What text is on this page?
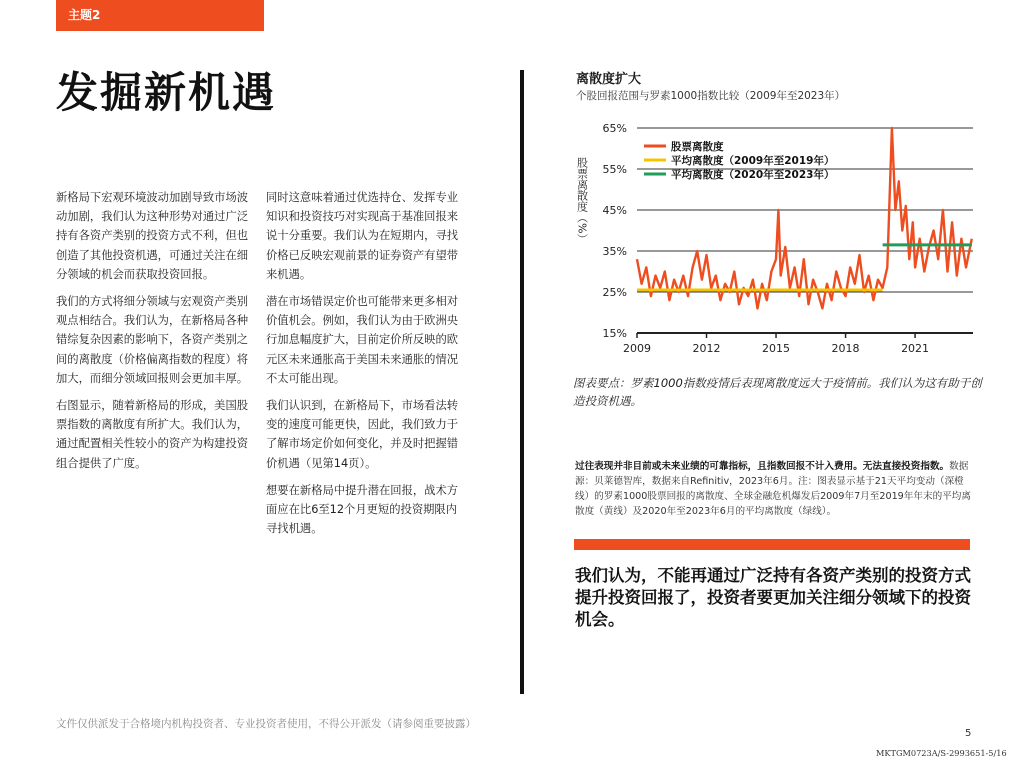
主题2
发掘新机遇

新格局下宏观环境波动加剧导致市场波动加剧，我们认为这种形势对通过广泛持有各资产类别的投资方式不利，但也创造了其他投资机遇，可通过关注在细分领域的机会而获取投资回报。

我们的方式将细分领域与宏观资产类别观点相结合。我们认为，在新格局各种错综复杂因素的影响下，各资产类别之间的离散度（价格偏离指数的程度）将加大，而细分领域回报则会更加丰厚。

右图显示，随着新格局的形成，美国股票指数的离散度有所扩大。我们认为，通过配置相关性较小的资产为构建投资组合提供了广度。

同时这意味着通过优选持仓、发挥专业知识和投资技巧对实现高于基准回报来说十分重要。我们认为在短期内，寻找价格已反映宏观前景的证券资产有望带来机遇。

潜在市场错误定价也可能带来更多相对价值机会。例如，我们认为由于欧洲央行加息幅度扩大，目前定价所反映的欧元区未来通胀高于美国未来通胀的情况不太可能出现。

我们认识到，在新格局下，市场看法转变的速度可能更快，因此，我们致力于了解市场定价如何变化，并及时把握错价机遇（见第14页）。

想要在新格局中提升潜在回报，战术方面应在比6至12个月更短的投资期限内寻找机遇。

离散度扩大
个股回报范围与罗素1000指数比较（2009年至2023年）
15%
25%
35%
45%
55%
65%
2009	2012	2015	2018	2021
股票离散度（%）
股票离散度
平均离散度（2009年至2019年）
平均离散度（2020年至2023年）
图表要点：罗素1000指数疫情后表现离散度远大于疫情前。我们认为这有助于创造投资机遇。
过往表现并非目前或未来业绩的可靠指标，且指数回报不计入费用。无法直接投资指数。数据源：贝莱德智库，数据来自Refinitiv，2023年6月。注：图表显示基于21天平均变动（深橙线）的罗素1000股票回报的离散度、全球金融危机爆发后2009年7月至2019年年末的平均离散度（黄线）及2020年至2023年6月的平均离散度（绿线）。
我们认为，不能再通过广泛持有各资产类别的投资方式提升投资回报了，投资者要更加关注细分领域下的投资机会。
文件仅供派发于合格境内机构投资者、专业投资者使用，不得公开派发（请参阅重要披露）
5
MKTGM0723A/S-2993651-5/16
